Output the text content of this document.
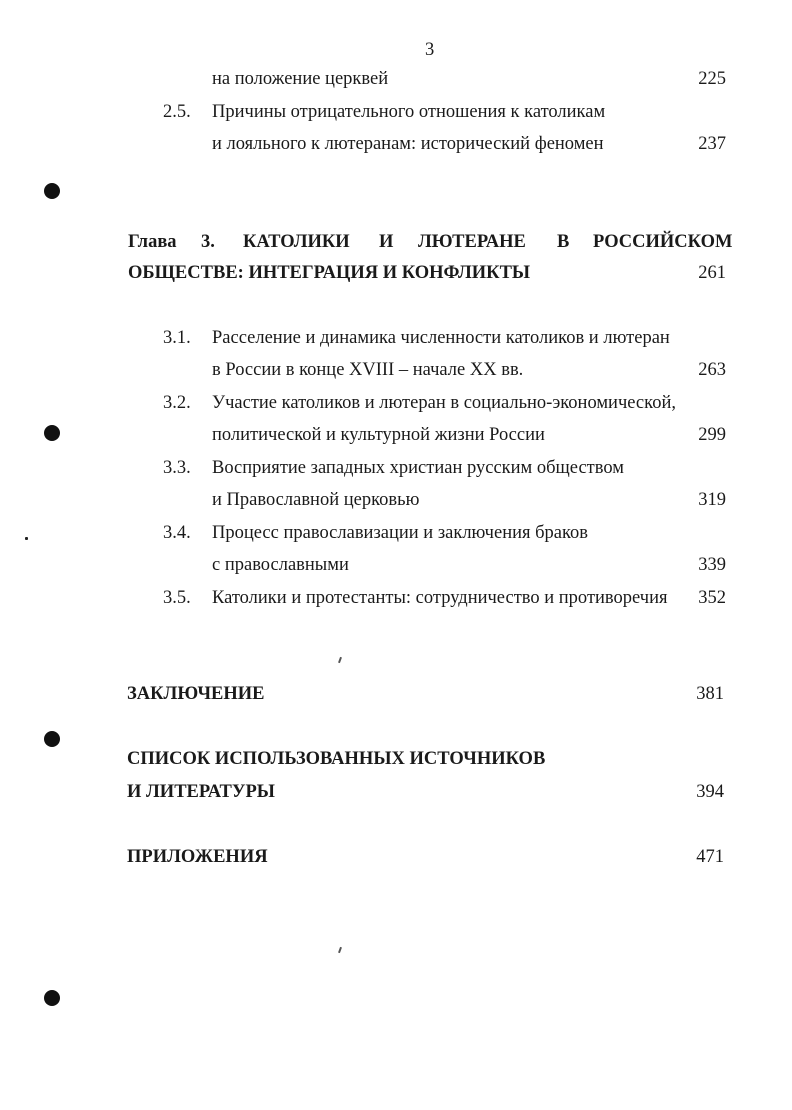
3
на положение церквей	225
2.5. Причины отрицательного отношения к католикам
и лояльного к лютеранам: исторический феномен	237
Глава 3. КАТОЛИКИ И ЛЮТЕРАНЕ В РОССИЙСКОМ
ОБЩЕСТВЕ: ИНТЕГРАЦИЯ И КОНФЛИКТЫ	261
3.1. Расселение и динамика численности католиков и лютеран
в России в конце XVIII – начале XX вв.	263
3.2. Участие католиков и лютеран в социально-экономической,
политической и культурной жизни России	299
3.3. Восприятие западных христиан русским обществом
и Православной церковью	319
3.4. Процесс православизации и заключения браков
с православными	339
3.5. Католики и протестанты: сотрудничество и противоречия	352
ЗАКЛЮЧЕНИЕ	381
СПИСОК ИСПОЛЬЗОВАННЫХ ИСТОЧНИКОВ
И ЛИТЕРАТУРЫ	394
ПРИЛОЖЕНИЯ	471
